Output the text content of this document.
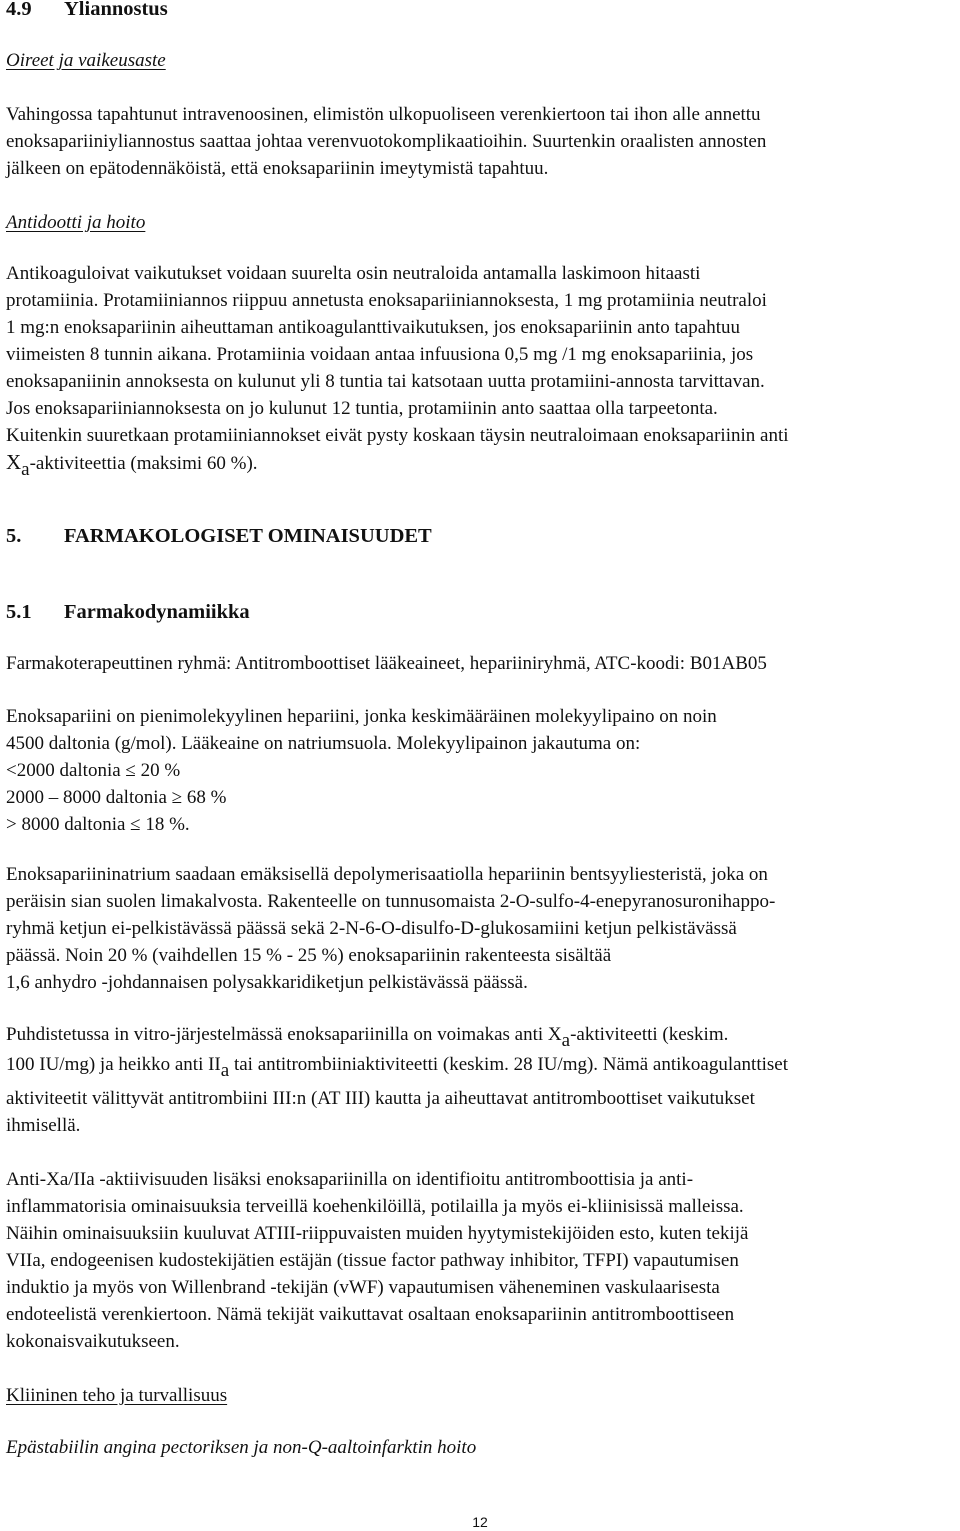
4.9 Yliannostus
Oireet ja vaikeusaste
Vahingossa tapahtunut intravenoosinen, elimistön ulkopuoliseen verenkiertoon tai ihon alle annettu
enoksapariiniyliannostus saattaa johtaa verenvuotokomplikaatioihin. Suurtenkin oraalisten annosten
jälkeen on epätodennäköistä, että enoksapariinin imeytymistä tapahtuu.
Antidootti ja hoito
Antikoaguloivat vaikutukset voidaan suurelta osin neutraloida antamalla laskimoon hitaasti
protamiinia. Protamiiniannos riippuu annetusta enoksapariiniannoksesta, 1 mg protamiinia neutraloi
1 mg:n enoksapariinin aiheuttaman antikoagulanttivaikutuksen, jos enoksapariinin anto tapahtuu
viimeisten 8 tunnin aikana. Protamiinia voidaan antaa infuusiona 0,5 mg /1 mg enoksapariinia, jos
enoksapaniinin annoksesta on kulunut yli 8 tuntia tai katsotaan uutta protamiini-annosta tarvittavan.
Jos enoksapariiniannoksesta on jo kulunut 12 tuntia, protamiinin anto saattaa olla tarpeetonta.
Kuitenkin suuretkaan protamiiniannokset eivät pysty koskaan täysin neutraloimaan enoksapariinin anti
Xa-aktiviteettia (maksimi 60 %).
5. FARMAKOLOGISET OMINAISUUDET
5.1 Farmakodynamiikka
Farmakoterapeuttinen ryhmä: Antitromboottiset lääkeaineet, hepariiniryhmä, ATC-koodi: B01AB05
Enoksapariini on pienimolekyylinen hepariini, jonka keskimääräinen molekyylipaino on noin
4500 daltonia (g/mol). Lääkeaine on natriumsuola. Molekyylipainon jakautuma on:
<2000 daltonia ≤ 20 %
2000 – 8000 daltonia ≥ 68 %
> 8000 daltonia ≤ 18 %.
Enoksapariininatrium saadaan emäksisellä depolymerisaatiolla hepariinin bentsyyliesteristä, joka on
peräisin sian suolen limakalvosta. Rakenteelle on tunnusomaista 2-O-sulfo-4-enepyranosuronihappo-
ryhmä ketjun ei-pelkistävässä päässä sekä 2-N-6-O-disulfo-D-glukosamiini ketjun pelkistävässä
päässä. Noin 20 % (vaihdellen 15 % - 25 %) enoksapariinin rakenteesta sisältää
1,6 anhydro -johdannaisen polysakkaridiketjun pelkistävässä päässä.
Puhdistetussa in vitro-järjestelmässä enoksapariinilla on voimakas anti Xa-aktiviteetti (keskim.
100 IU/mg) ja heikko anti IIa tai antitrombiiniaktiviteetti (keskim. 28 IU/mg). Nämä antikoagulanttiset
aktiviteetit välittyvät antitrombiini III:n (AT III) kautta ja aiheuttavat antitromboottiset vaikutukset
ihmisellä.
Anti-Xa/IIa -aktiivisuuden lisäksi enoksapariinilla on identifioitu antitromboottisia ja anti-
inflammatorisia ominaisuuksia terveillä koehenkilöillä, potilailla ja myös ei-kliinisissä malleissa.
Näihin ominaisuuksiin kuuluvat ATIII-riippuvaisten muiden hyytymistekijöiden esto, kuten tekijä
VIIa, endogeenisen kudostekijätien estäjän (tissue factor pathway inhibitor, TFPI) vapautumisen
induktio ja myös von Willenbrand -tekijän (vWF) vapautumisen väheneminen vaskulaarisesta
endoteelistä verenkiertoon. Nämä tekijät vaikuttavat osaltaan enoksapariinin antitromboottiseen
kokonaisvaikutukseen.
Kliininen teho ja turvallisuus
Epästabiilin angina pectoriksen ja non-Q-aaltoinfarktin hoito
12
